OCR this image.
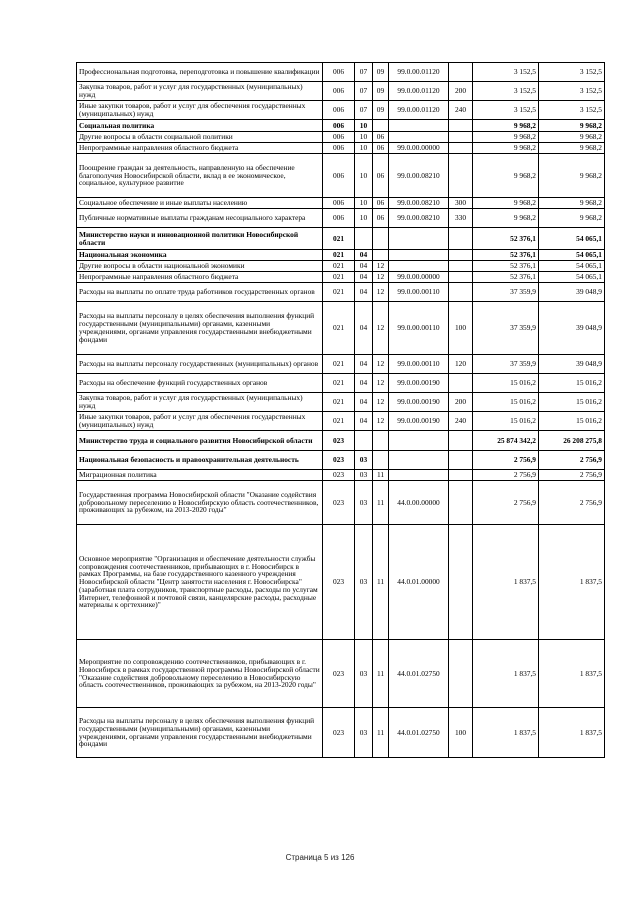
Профессиональная подготовка, переподготовка и повышение квалификации	006	07	09	99.0.00.01120		3 152,5	3 152,5
Закупка товаров, работ и услуг для государственных (муниципальных) нужд	006	07	09	99.0.00.01120	200	3 152,5	3 152,5
Иные закупки товаров, работ и услуг для обеспечения государственных (муниципальных) нужд	006	07	09	99.0.00.01120	240	3 152,5	3 152,5
Социальная политика	006	10				9 968,2	9 968,2
Другие вопросы в области социальной политики	006	10	06			9 968,2	9 968,2
Непрограммные направления областного бюджета	006	10	06	99.0.00.00000		9 968,2	9 968,2
Поощрение граждан за деятельность, направленную на обеспечение благополучия Новосибирской области, вклад в ее экономическое, социальное, культурное развитие	006	10	06	99.0.00.08210		9 968,2	9 968,2
Социальное обеспечение и иные выплаты населению	006	10	06	99.0.00.08210	300	9 968,2	9 968,2
Публичные нормативные выплаты гражданам несоциального характера	006	10	06	99.0.00.08210	330	9 968,2	9 968,2
Министерство науки и инновационной политики Новосибирской области	021					52 376,1	54 065,1
Национальная экономика	021	04				52 376,1	54 065,1
Другие вопросы в области национальной экономики	021	04	12			52 376,1	54 065,1
Непрограммные направления областного бюджета	021	04	12	99.0.00.00000		52 376,1	54 065,1
Расходы на выплаты по оплате труда работников государственных органов	021	04	12	99.0.00.00110		37 359,9	39 048,9
Расходы на выплаты персоналу в целях обеспечения выполнения функций государственными (муниципальными) органами, казенными учреждениями, органами управления государственными внебюджетными фондами	021	04	12	99.0.00.00110	100	37 359,9	39 048,9
Расходы на выплаты персоналу государственных (муниципальных) органов	021	04	12	99.0.00.00110	120	37 359,9	39 048,9
Расходы на обеспечение функций государственных органов	021	04	12	99.0.00.00190		15 016,2	15 016,2
Закупка товаров, работ и услуг для государственных (муниципальных) нужд	021	04	12	99.0.00.00190	200	15 016,2	15 016,2
Иные закупки товаров, работ и услуг для обеспечения государственных (муниципальных) нужд	021	04	12	99.0.00.00190	240	15 016,2	15 016,2
Министерство труда и социального развития Новосибирской области	023					25 874 342,2	26 208 275,8
Национальная безопасность и правоохранительная деятельность	023	03				2 756,9	2 756,9
Миграционная политика	023	03	11			2 756,9	2 756,9
Государственная программа Новосибирской области "Оказание содействия добровольному переселению в Новосибирскую область соотечественников, проживающих за рубежом, на 2013-2020 годы"	023	03	11	44.0.00.00000		2 756,9	2 756,9
Основное мероприятие "Организация и обеспечение деятельности службы сопровождения соотечественников, прибывающих в г. Новосибирск в рамках Программы, на базе государственного казенного учреждения Новосибирской области "Центр занятости населения г. Новосибирска" (заработная плата сотрудников, транспортные расходы, расходы по услугам Интернет, телефонной и почтовой связи, канцелярские расходы, расходные материалы к оргтехнике)"	023	03	11	44.0.01.00000		1 837,5	1 837,5
Мероприятие по сопровождению соотечественников, прибывающих в г. Новосибирск в рамках государственной программы Новосибирской области "Оказание содействия добровольному переселению в Новосибирскую область соотечественников, проживающих за рубежом, на 2013-2020 годы"	023	03	11	44.0.01.02750		1 837,5	1 837,5
Расходы на выплаты персоналу в целях обеспечения выполнения функций государственными (муниципальными) органами, казенными учреждениями, органами управления государственными внебюджетными фондами	023	03	11	44.0.01.02750	100	1 837,5	1 837,5
Страница 5 из 126
